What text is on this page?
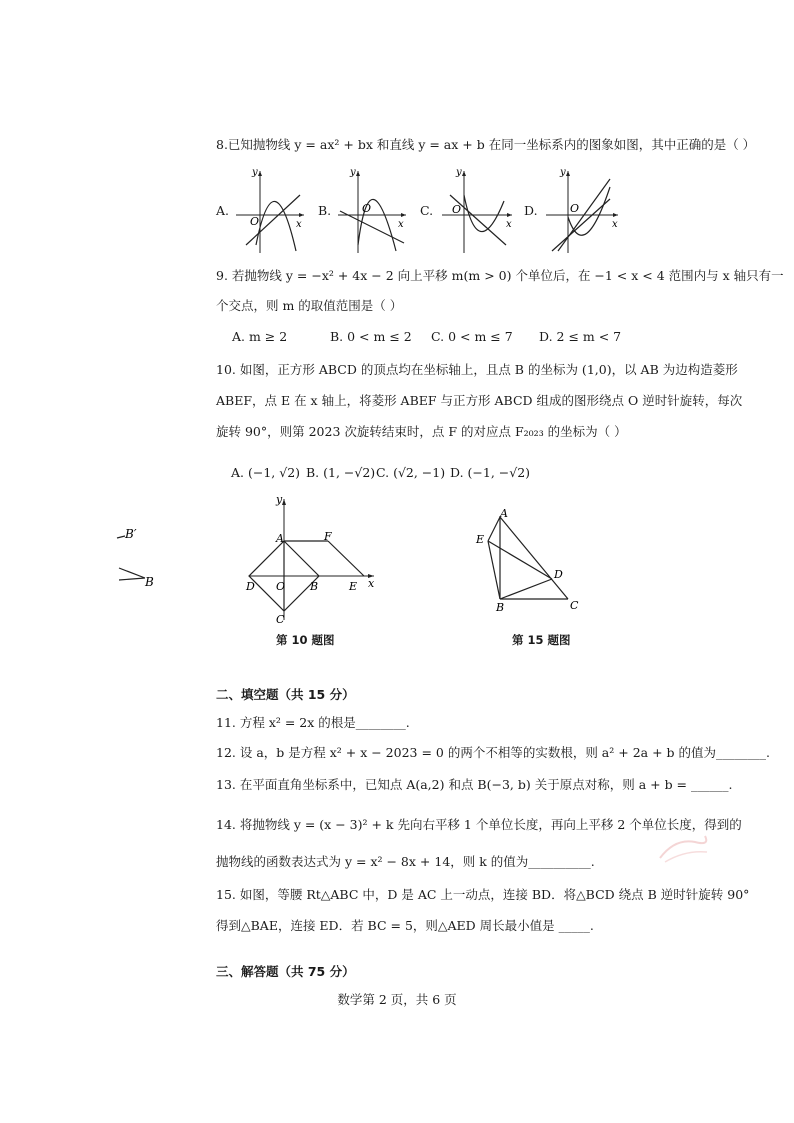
8.已知抛物线 y = ax² + bx 和直线 y = ax + b 在同一坐标系内的图象如图，其中正确的是（ ）
A.
O	x
y
B.	O
x
y
C. O
x
y
D.	O
x
y
9. 若抛物线 y = −x² + 4x − 2 向上平移 m(m > 0) 个单位后，在 −1 < x < 4 范围内与 x 轴只有一
个交点，则 m 的取值范围是（ ）
A. m ≥ 2	B. 0 < m ≤ 2 C. 0 < m ≤ 7 D. 2 ≤ m < 7
10. 如图，正方形 ABCD 的顶点均在坐标轴上，且点 B 的坐标为 (1,0)，以 AB 为边构造菱形
ABEF，点 E 在 x 轴上，将菱形 ABEF 与正方形 ABCD 组成的图形绕点 O 逆时针旋转，每次
旋转 90°，则第 2023 次旋转结束时，点 F 的对应点 F₂₀₂₃ 的坐标为（ ）
A. (−1, √2) B. (1, −√2) C. (√2, −1) D. (−1, −√2)
B′
B
y
A	F
D O B	E x
C
第 10 题图
A
E
D
B	C
第 15 题图
二、填空题（共 15 分）
11. 方程 x² = 2x 的根是________.
12. 设 a，b 是方程 x² + x − 2023 = 0 的两个不相等的实数根，则 a² + 2a + b 的值为________.
13. 在平面直角坐标系中，已知点 A(a,2) 和点 B(−3, b) 关于原点对称，则 a + b = ______.
14. 将抛物线 y = (x − 3)² + k 先向右平移 1 个单位长度，再向上平移 2 个单位长度，得到的
抛物线的函数表达式为 y = x² − 8x + 14，则 k 的值为__________.
15. 如图，等腰 Rt△ABC 中，D 是 AC 上一动点，连接 BD．将△BCD 绕点 B 逆时针旋转 90°
得到△BAE，连接 ED．若 BC = 5，则△AED 周长最小值是 _____.
三、解答题（共 75 分）
数学第 2 页，共 6 页
